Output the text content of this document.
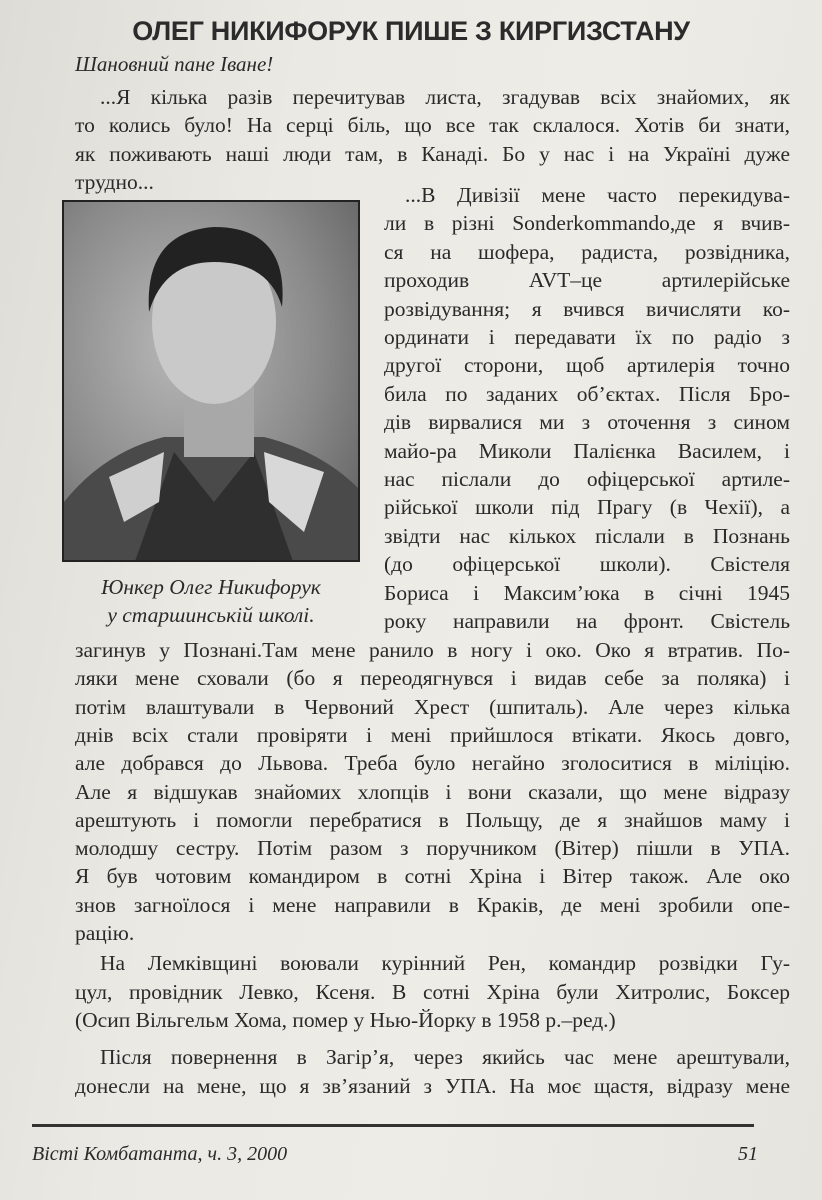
ОЛЕГ НИКИФОРУК ПИШЕ З КИРГИЗСТАНУ
Шановний пане Іване!
Юнкер Олег Никифорук
у старшинській школі.
...Я кілька разів перечитував листа, згадував всіх знайомих, як
то колись було! На серці біль, що все так склалося. Хотів би знати,
як поживають наші люди там, в Канаді. Бо у нас і на Україні дуже
трудно...
...В Дивізії мене часто перекидува-
ли в різні Sonderkommando,де я вчив-
ся на шофера, радиста, розвідника,
проходив AVT–це артилерійське
розвідування; я вчився вичисляти ко-
ординати і передавати їх по радіо з
другої сторони, щоб артилерія точно
била по заданих об’єктах. Після Бро-
дів вирвалися ми з оточення з сином
майо-ра Миколи Палієнка Василем, і
нас післали до офіцерської артиле-
рійської школи під Прагу (в Чехії), а
звідти нас кількох післали в Познань
(до офіцерської школи). Свістеля
Бориса і Максим’юка в січні 1945
року направили на фронт. Свістель
загинув у Познані.Там мене ранило в ногу і око. Око я втратив. По-
ляки мене сховали (бо я переодягнувся і видав себе за поляка) і
потім влаштували в Червоний Хрест (шпиталь). Але через кілька
днів всіх стали провіряти і мені прийшлося втікати. Якось довго,
але добрався до Львова. Треба було негайно зголоситися в міліцію.
Але я відшукав знайомих хлопців і вони сказали, що мене відразу
арештують і помогли перебратися в Польщу, де я знайшов маму і
молодшу сестру. Потім разом з поручником (Вітер) пішли в УПА.
Я був чотовим командиром в сотні Хріна і Вітер також. Але око
знов загноїлося і мене направили в Краків, де мені зробили опе-
рацію.
На Лемківщині воювали курінний Рен, командир розвідки Гу-
цул, провідник Левко, Ксеня. В сотні Хріна були Хитролис, Боксер
(Осип Вільгельм Хома, помер у Нью-Йорку в 1958 р.–ред.)
Після повернення в Загір’я, через якийсь час мене арештували,
донесли на мене, що я зв’язаний з УПА. На моє щастя, відразу мене
Вісті Комбатанта, ч. 3, 2000	51
